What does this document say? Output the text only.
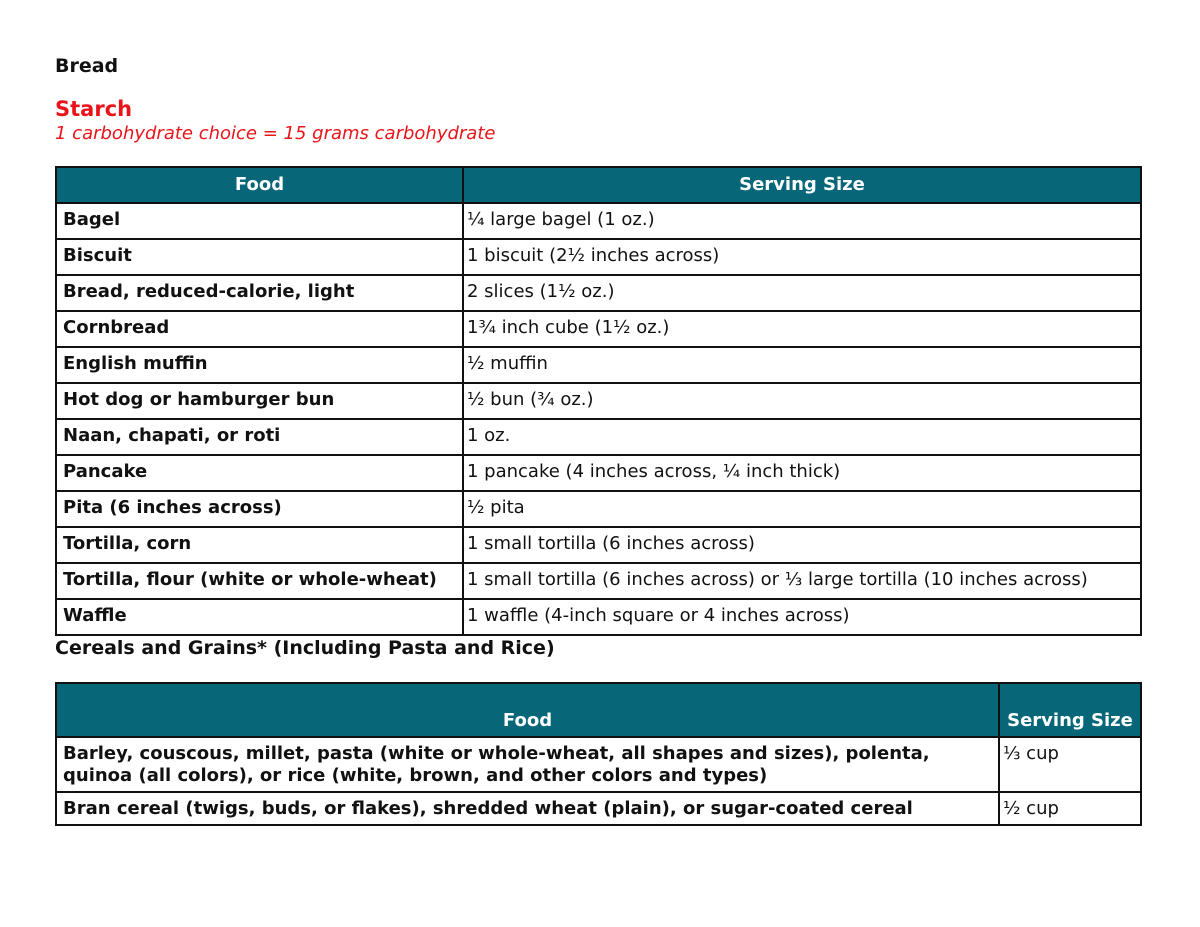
Bread
Starch
1 carbohydrate choice = 15 grams carbohydrate
Food	Serving Size
Bagel	¼ large bagel (1 oz.)
Biscuit	1 biscuit (2½ inches across)
Bread, reduced-calorie, light	2 slices (1½ oz.)
Cornbread	1¾ inch cube (1½ oz.)
English muffin	½ muffin
Hot dog or hamburger bun	½ bun (¾ oz.)
Naan, chapati, or roti	1 oz.
Pancake	1 pancake (4 inches across, ¼ inch thick)
Pita (6 inches across)	½ pita
Tortilla, corn	1 small tortilla (6 inches across)
Tortilla, flour (white or whole-wheat)	1 small tortilla (6 inches across) or ⅓ large tortilla (10 inches across)
Waffle	1 waffle (4-inch square or 4 inches across)
Cereals and Grains* (Including Pasta and Rice)
Food	Serving Size

Barley, couscous, millet, pasta (white or whole-wheat, all shapes and sizes), polenta,
quinoa (all colors), or rice (white, brown, and other colors and types)	⅓ cup

Bran cereal (twigs, buds, or flakes), shredded wheat (plain), or sugar-coated cereal	½ cup
